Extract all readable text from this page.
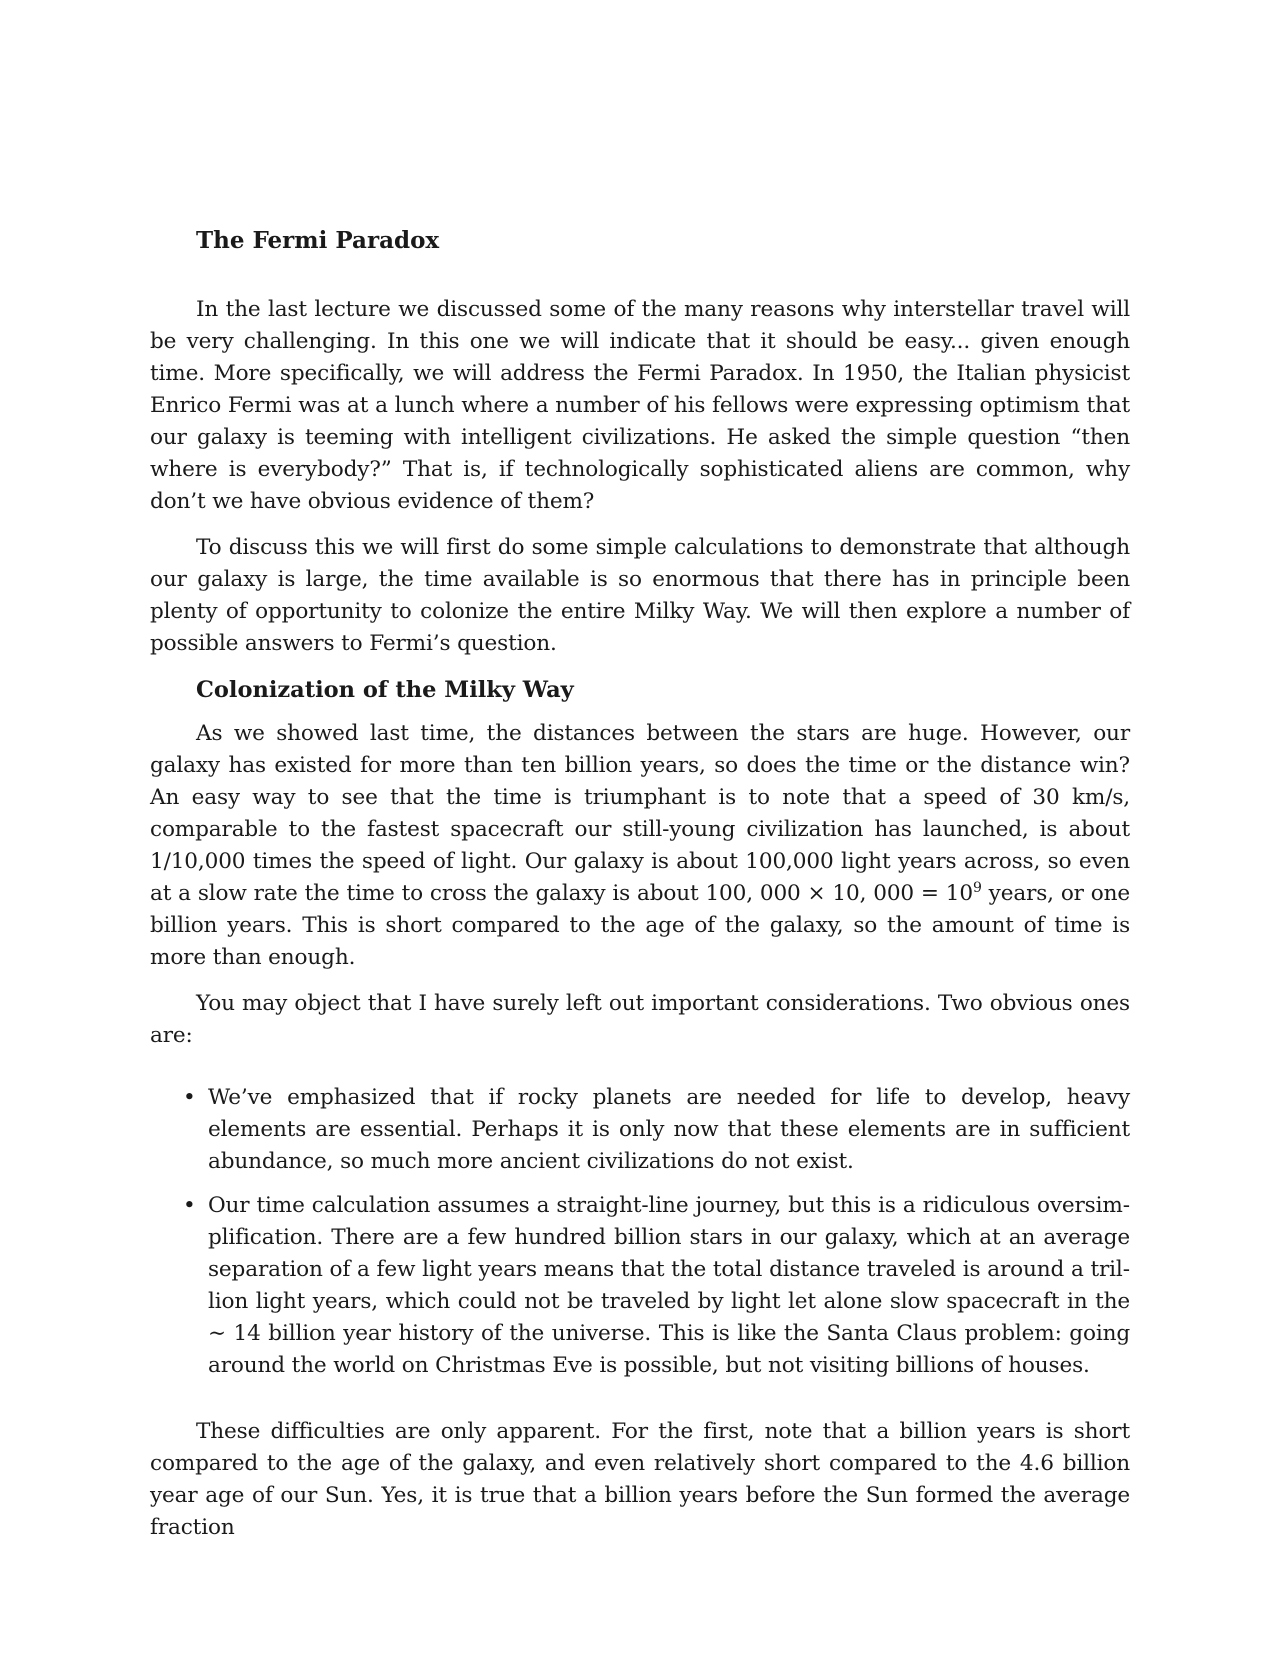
The Fermi Paradox

In the last lecture we discussed some of the many reasons why interstellar travel will be very challenging. In this one we will indicate that it should be easy... given enough time. More specifically, we will address the Fermi Paradox. In 1950, the Italian physicist Enrico Fermi was at a lunch where a number of his fellows were expressing optimism that our galaxy is teeming with intelligent civilizations. He asked the simple question “then where is everybody?” That is, if technologically sophisticated aliens are common, why don’t we have obvious evidence of them?

To discuss this we will first do some simple calculations to demonstrate that although our galaxy is large, the time available is so enormous that there has in principle been plenty of opportunity to colonize the entire Milky Way. We will then explore a number of possible answers to Fermi’s question.

Colonization of the Milky Way

As we showed last time, the distances between the stars are huge. However, our galaxy has existed for more than ten billion years, so does the time or the distance win? An easy way to see that the time is triumphant is to note that a speed of 30 km/s, comparable to the fastest spacecraft our still-young civilization has launched, is about 1/10,000 times the speed of light. Our galaxy is about 100,000 light years across, so even at a slow rate the time to cross the galaxy is about 100, 000 × 10, $000 = 10^9$ years, or one billion years. This is short compared to the age of the galaxy, so the amount of time is more than enough.

You may object that I have surely left out important considerations. Two obvious ones are:

• We’ve emphasized that if rocky planets are needed for life to develop, heavy elements are essential. Perhaps it is only now that these elements are in sufficient abundance, so much more ancient civilizations do not exist.
• Our time calculation assumes a straight-line journey, but this is a ridiculous oversimplification. There are a few hundred billion stars in our galaxy, which at an average separation of a few light years means that the total distance traveled is around a trillion light years, which could not be traveled by light let alone slow spacecraft in the ∼ 14 billion year history of the universe. This is like the Santa Claus problem: going around the world on Christmas Eve is possible, but not visiting billions of houses.

These difficulties are only apparent. For the first, note that a billion years is short compared to the age of the galaxy, and even relatively short compared to the 4.6 billion year age of our Sun. Yes, it is true that a billion years before the Sun formed the average fraction
